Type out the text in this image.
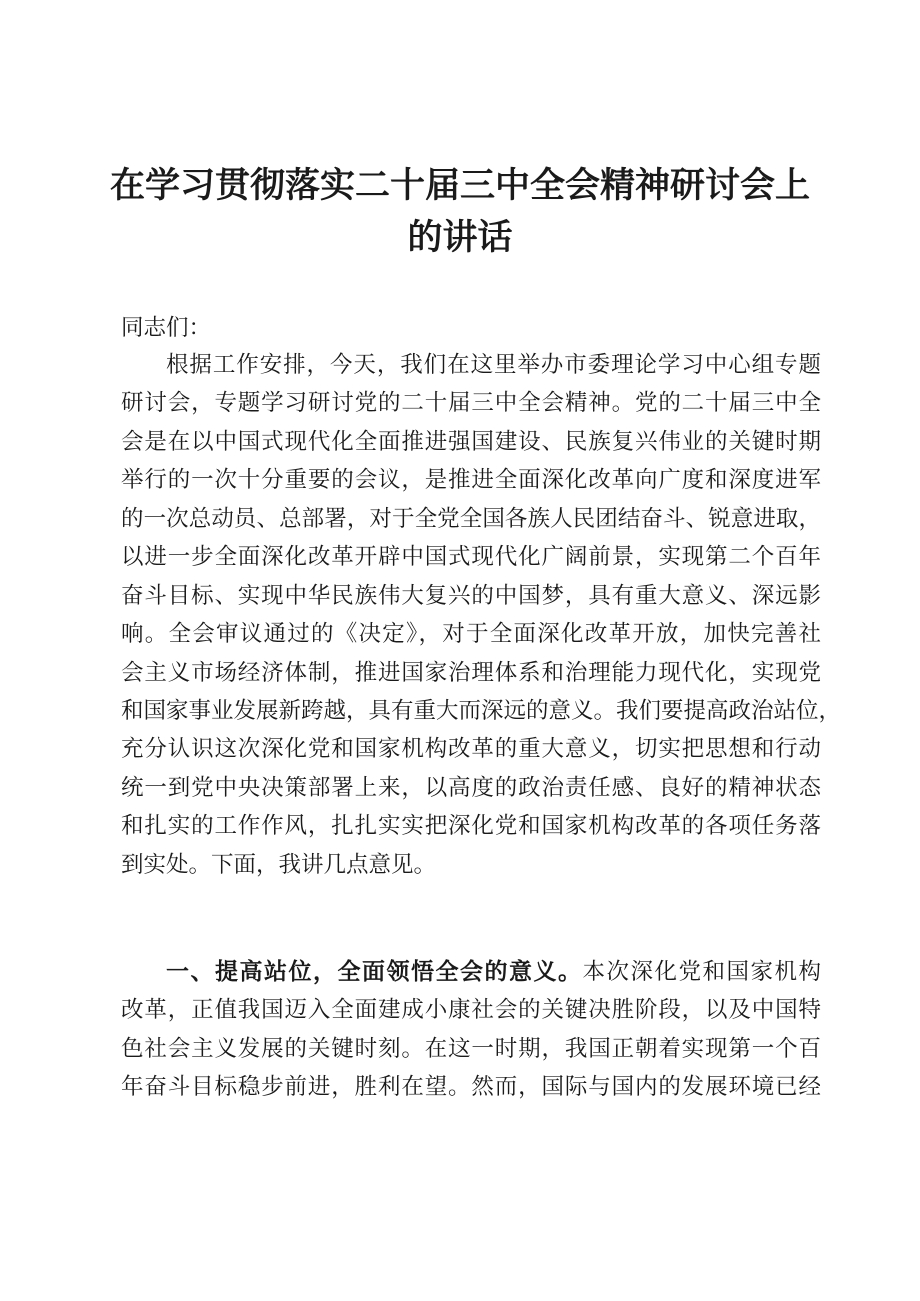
在学习贯彻落实二十届三中全会精神研讨会上
的讲话
同志们：
根据工作安排，今天，我们在这里举办市委理论学习中心组专题
研讨会，专题学习研讨党的二十届三中全会精神。党的二十届三中全
会是在以中国式现代化全面推进强国建设、民族复兴伟业的关键时期
举行的一次十分重要的会议，是推进全面深化改革向广度和深度进军
的一次总动员、总部署，对于全党全国各族人民团结奋斗、锐意进取，
以进一步全面深化改革开辟中国式现代化广阔前景，实现第二个百年
奋斗目标、实现中华民族伟大复兴的中国梦，具有重大意义、深远影
响。全会审议通过的《决定》，对于全面深化改革开放，加快完善社
会主义市场经济体制，推进国家治理体系和治理能力现代化，实现党
和国家事业发展新跨越，具有重大而深远的意义。我们要提高政治站位，
充分认识这次深化党和国家机构改革的重大意义，切实把思想和行动
统一到党中央决策部署上来，以高度的政治责任感、良好的精神状态
和扎实的工作作风，扎扎实实把深化党和国家机构改革的各项任务落
到实处。下面，我讲几点意见。
一、提高站位，全面领悟全会的意义。本次深化党和国家机构
改革，正值我国迈入全面建成小康社会的关键决胜阶段，以及中国特
色社会主义发展的关键时刻。在这一时期，我国正朝着实现第一个百
年奋斗目标稳步前进，胜利在望。然而，国际与国内的发展环境已经
